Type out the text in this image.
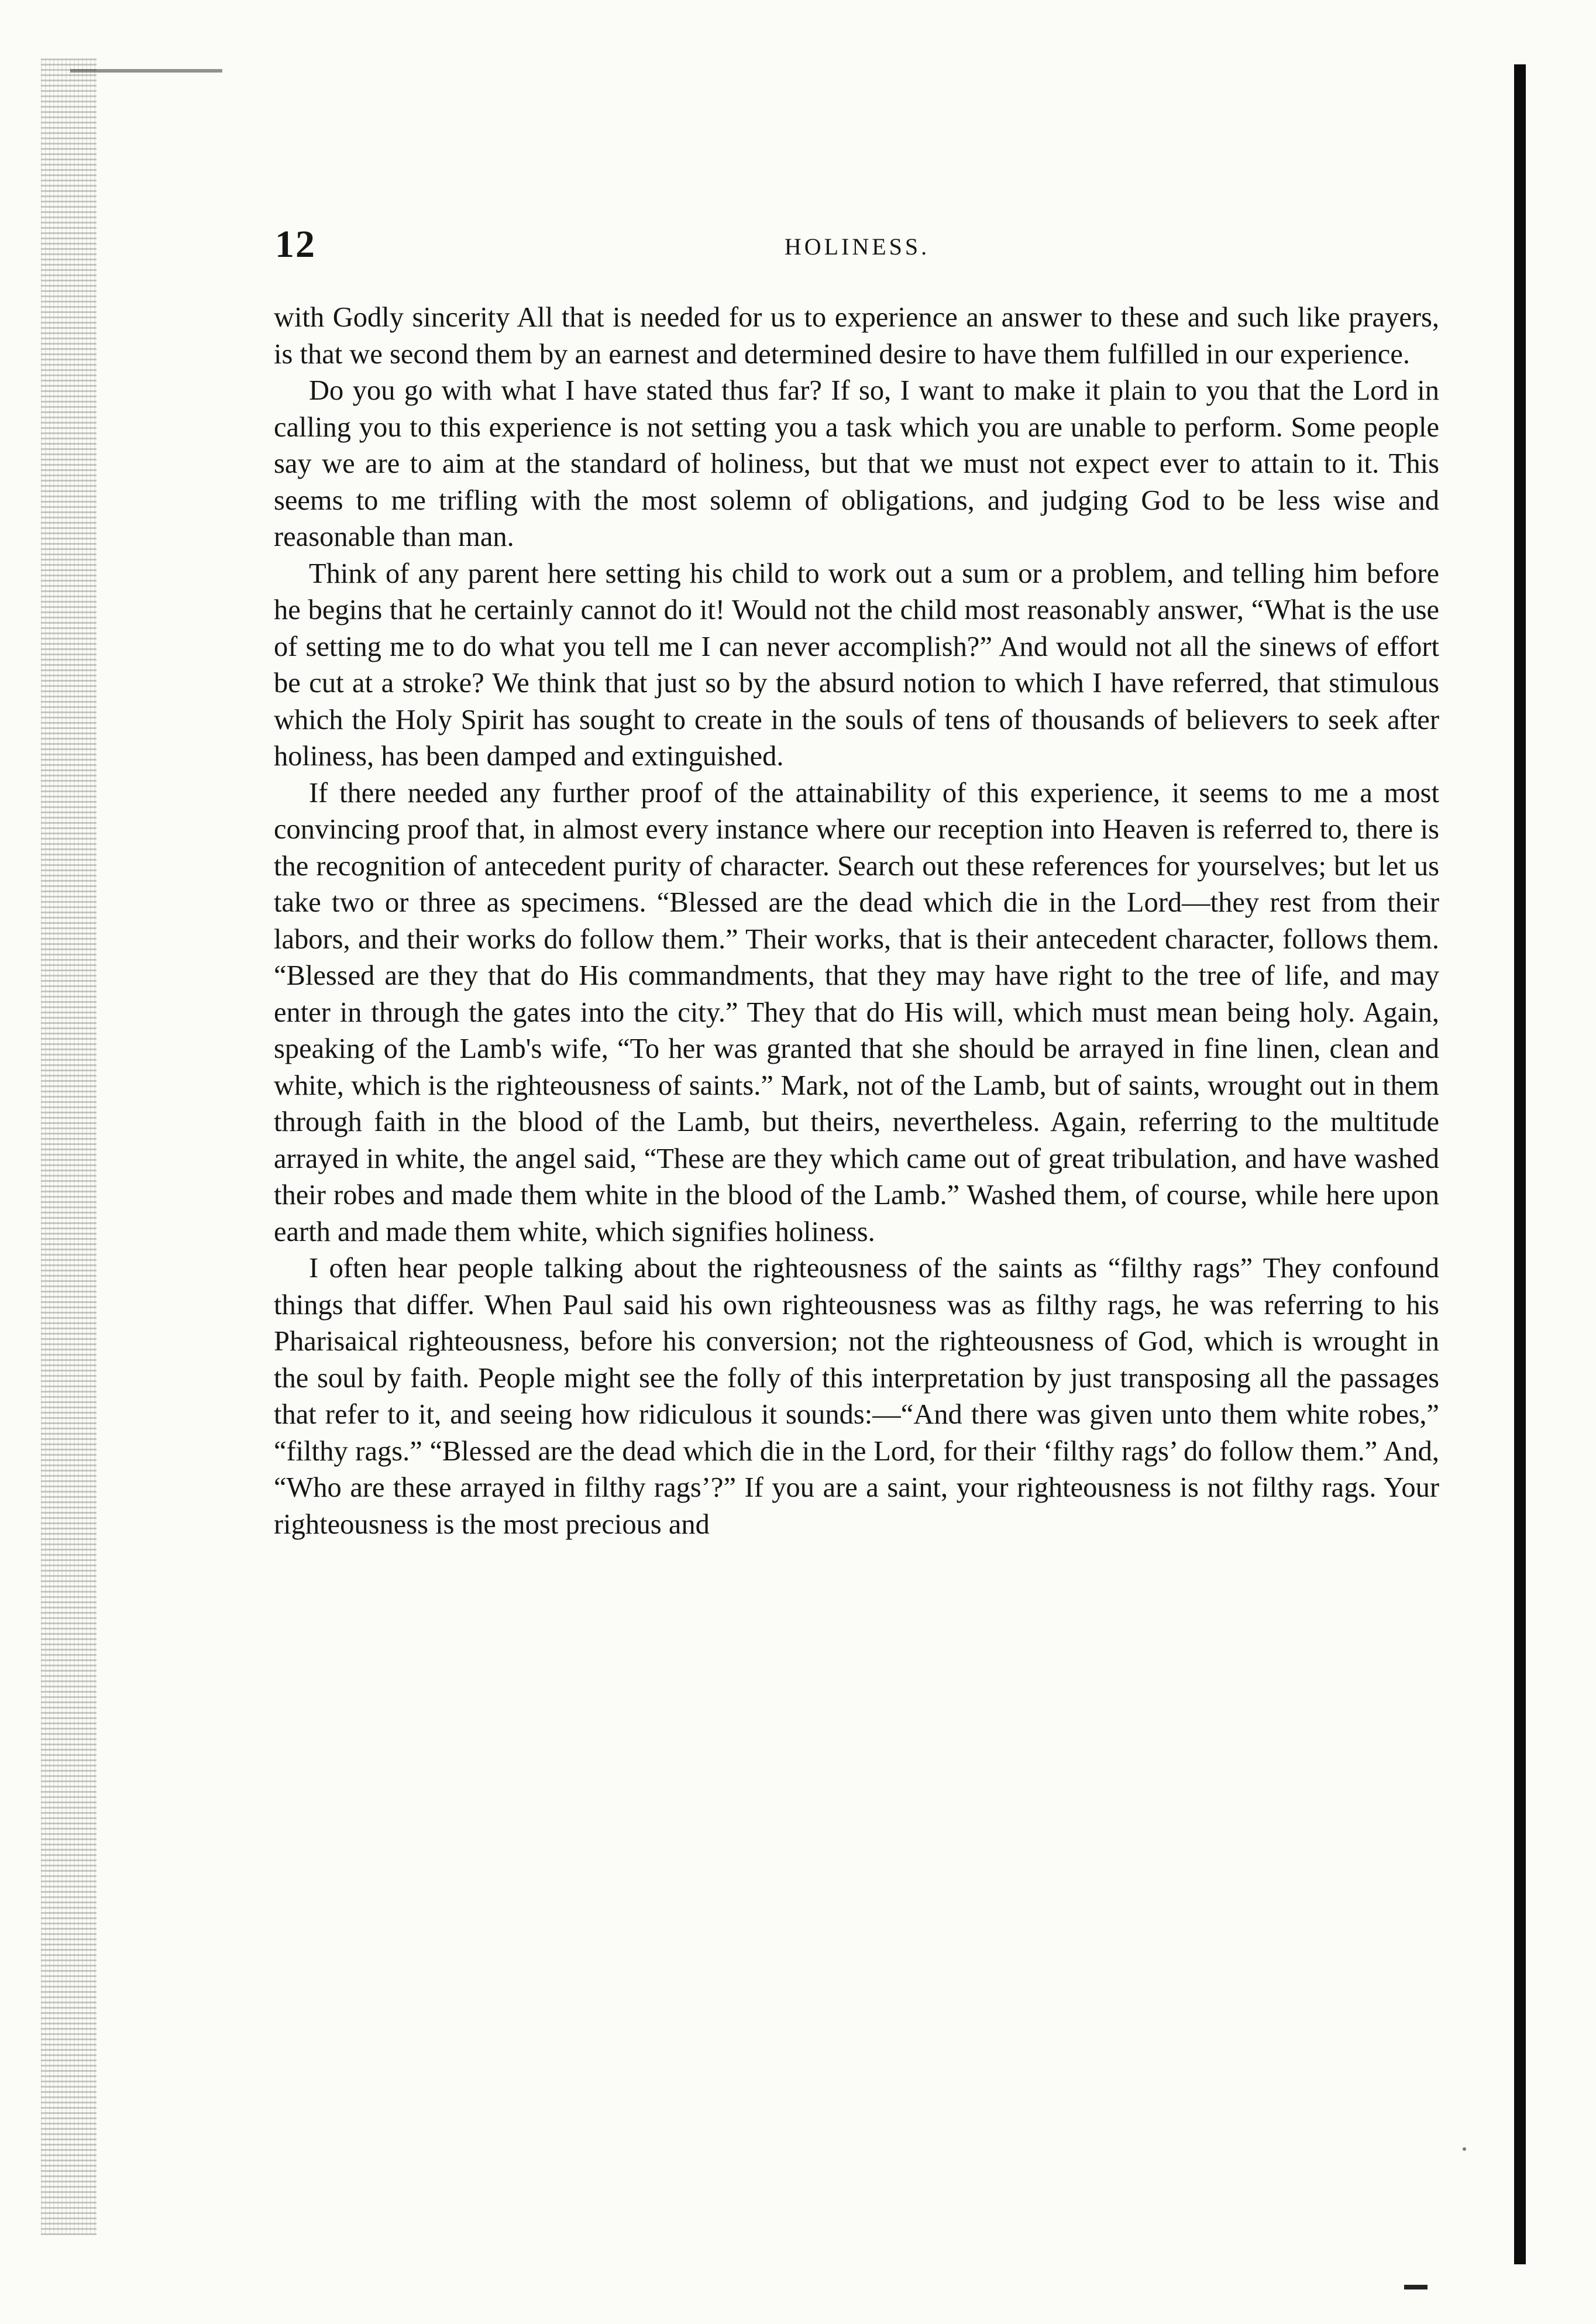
12	HOLINESS.

with Godly sincerity All that is needed for us to experience an answer to these and such like prayers, is that we second them by an earnest and determined desire to have them fulfilled in our experience.

Do you go with what I have stated thus far? If so, I want to make it plain to you that the Lord in calling you to this experience is not setting you a task which you are unable to perform. Some people say we are to aim at the standard of holiness, but that we must not expect ever to attain to it. This seems to me trifling with the most solemn of obligations, and judging God to be less wise and reasonable than man.

Think of any parent here setting his child to work out a sum or a problem, and telling him before he begins that he certainly cannot do it! Would not the child most reasonably answer, “What is the use of setting me to do what you tell me I can never accomplish?” And would not all the sinews of effort be cut at a stroke? We think that just so by the absurd notion to which I have referred, that stimulous which the Holy Spirit has sought to create in the souls of tens of thousands of believers to seek after holiness, has been damped and extinguished.

If there needed any further proof of the attainability of this experience, it seems to me a most convincing proof that, in almost every instance where our reception into Heaven is referred to, there is the recognition of antecedent purity of character. Search out these references for yourselves; but let us take two or three as specimens. “Blessed are the dead which die in the Lord—they rest from their labors, and their works do follow them.” Their works, that is their antecedent character, follows them. “Blessed are they that do His commandments, that they may have right to the tree of life, and may enter in through the gates into the city.” They that do His will, which must mean being holy. Again, speaking of the Lamb's wife, “To her was granted that she should be arrayed in fine linen, clean and white, which is the righteousness of saints.” Mark, not of the Lamb, but of saints, wrought out in them through faith in the blood of the Lamb, but theirs, nevertheless. Again, referring to the multitude arrayed in white, the angel said, “These are they which came out of great tribulation, and have washed their robes and made them white in the blood of the Lamb.” Washed them, of course, while here upon earth and made them white, which signifies holiness.

I often hear people talking about the righteousness of the saints as “filthy rags” They confound things that differ. When Paul said his own righteousness was as filthy rags, he was referring to his Pharisaical righteousness, before his conversion; not the righteousness of God, which is wrought in the soul by faith. People might see the folly of this interpretation by just transposing all the passages that refer to it, and seeing how ridiculous it sounds:—“And there was given unto them white robes,” “filthy rags.” “Blessed are the dead which die in the Lord, for their ‘filthy rags’ do follow them.” And, “Who are these arrayed in filthy rags’?” If you are a saint, your righteousness is not filthy rags. Your righteousness is the most precious and
